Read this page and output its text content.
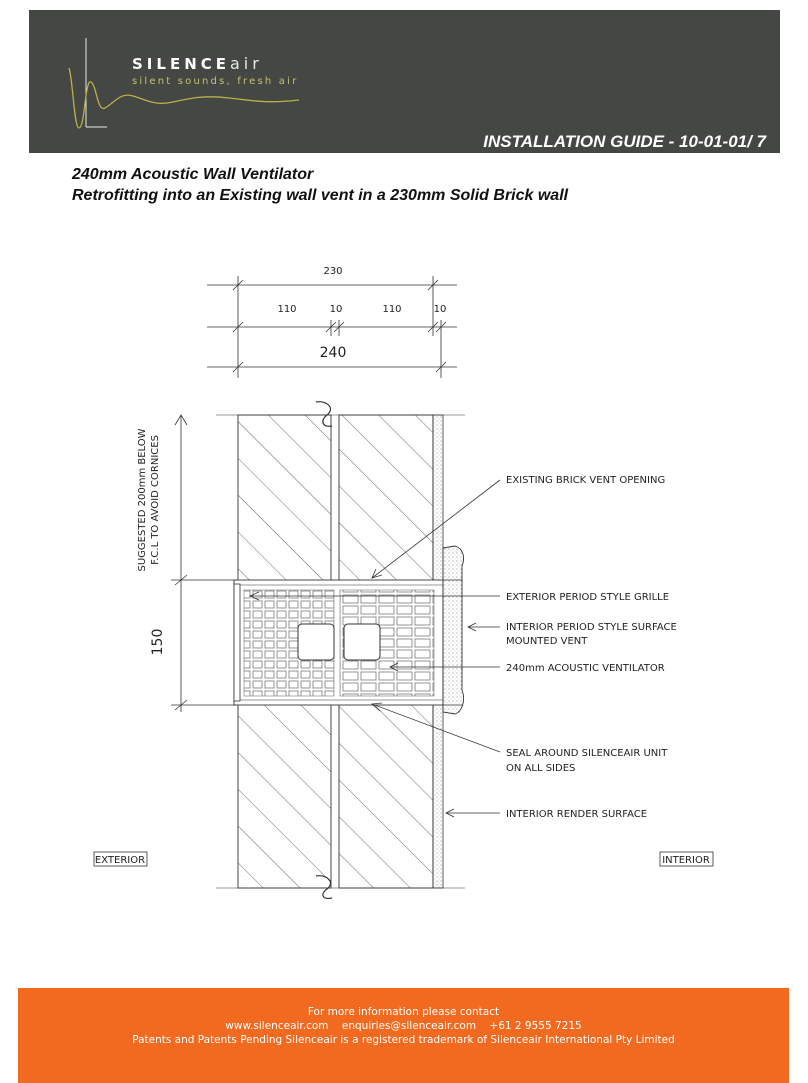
SILENCEair
silent sounds, fresh air
INSTALLATION GUIDE - 10-01-01/ 7
240mm Acoustic Wall Ventilator
Retrofitting into an Existing wall vent in a 230mm Solid Brick wall
230
110	10	110	10
240
150
SUGGESTED 200mm BELOW F.C.L TO AVOID CORNICES	EXISTING BRICK VENT OPENING
EXTERIOR PERIOD STYLE GRILLE
INTERIOR PERIOD STYLE SURFACE
MOUNTED VENT
240mm ACOUSTIC VENTILATOR
SEAL AROUND SILENCEAIR UNIT
ON ALL SIDES
INTERIOR RENDER SURFACE
EXTERIOR	INTERIOR
For more information please contact
www.silenceair.com enquiries@silenceair.com +61 2 9555 7215
Patents and Patents Pending Silenceair is a registered trademark of Silenceair International Pty Limited
